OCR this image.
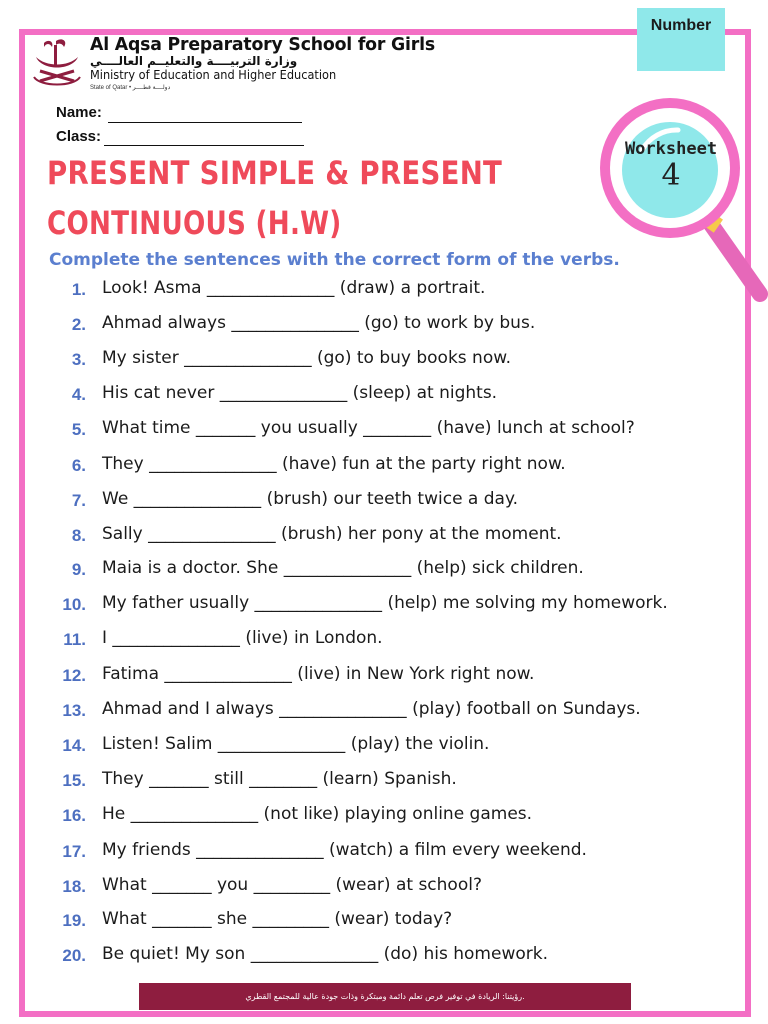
Number
Al Aqsa Preparatory School for Girls
وزارة التربيــــة والتعليــم العالــــي
Ministry of Education and Higher Education
State of Qatar • دولــــة قطــــر
Name:
Class:
PRESENT SIMPLE & PRESENT
CONTINUOUS (H.W)
Worksheet
4
Complete the sentences with the correct form of the verbs.
1. Look! Asma _______________ (draw) a portrait.
2. Ahmad always _______________ (go) to work by bus.
3. My sister _______________ (go) to buy books now.
4. His cat never _______________ (sleep) at nights.
5. What time _______ you usually ________ (have) lunch at school?
6. They _______________ (have) fun at the party right now.
7. We _______________ (brush) our teeth twice a day.
8. Sally _______________ (brush) her pony at the moment.
9. Maia is a doctor. She _______________ (help) sick children.
10. My father usually _______________ (help) me solving my homework.
11. I _______________ (live) in London.
12. Fatima _______________ (live) in New York right now.
13. Ahmad and I always _______________ (play) football on Sundays.
14. Listen! Salim _______________ (play) the violin.
15. They _______ still ________ (learn) Spanish.
16. He _______________ (not like) playing online games.
17. My friends _______________ (watch) a film every weekend.
18. What _______ you _________ (wear) at school?
19. What _______ she _________ (wear) today?
20. Be quiet! My son _______________ (do) his homework.
رؤيتنا: الريادة في توفير فرص تعلم دائمة ومبتكرة وذات جودة عالية للمجتمع القطري.
